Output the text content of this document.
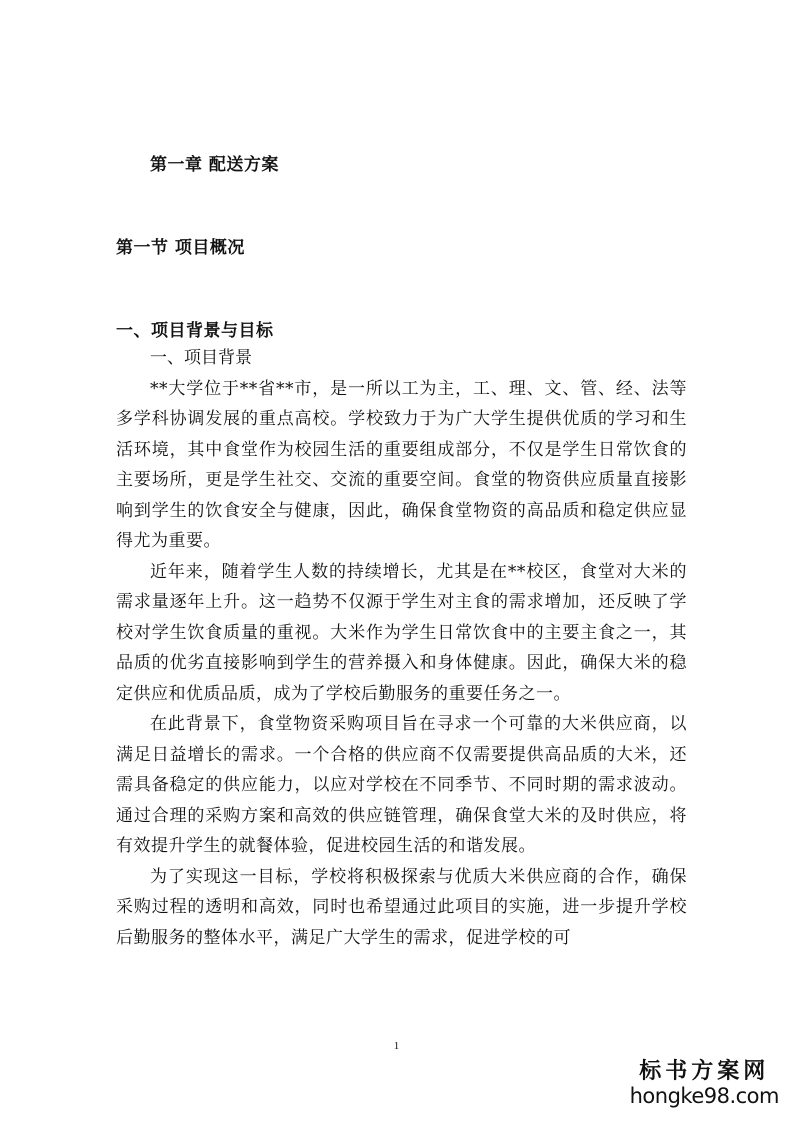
第一章 配送方案
第一节 项目概况
一、项目背景与目标
一、项目背景

**大学位于**省**市，是一所以工为主，工、理、文、管、经、法等多学科协调发展的重点高校。学校致力于为广大学生提供优质的学习和生活环境，其中食堂作为校园生活的重要组成部分，不仅是学生日常饮食的主要场所，更是学生社交、交流的重要空间。食堂的物资供应质量直接影响到学生的饮食安全与健康，因此，确保食堂物资的高品质和稳定供应显得尤为重要。

近年来，随着学生人数的持续增长，尤其是在**校区，食堂对大米的需求量逐年上升。这一趋势不仅源于学生对主食的需求增加，还反映了学校对学生饮食质量的重视。大米作为学生日常饮食中的主要主食之一，其品质的优劣直接影响到学生的营养摄入和身体健康。因此，确保大米的稳定供应和优质品质，成为了学校后勤服务的重要任务之一。

在此背景下，食堂物资采购项目旨在寻求一个可靠的大米供应商，以满足日益增长的需求。一个合格的供应商不仅需要提供高品质的大米，还需具备稳定的供应能力，以应对学校在不同季节、不同时期的需求波动。通过合理的采购方案和高效的供应链管理，确保食堂大米的及时供应，将有效提升学生的就餐体验，促进校园生活的和谐发展。

为了实现这一目标，学校将积极探索与优质大米供应商的合作，确保采购过程的透明和高效，同时也希望通过此项目的实施，进一步提升学校后勤服务的整体水平，满足广大学生的需求，促进学校的可

1
标书方案网
hongke98.com
